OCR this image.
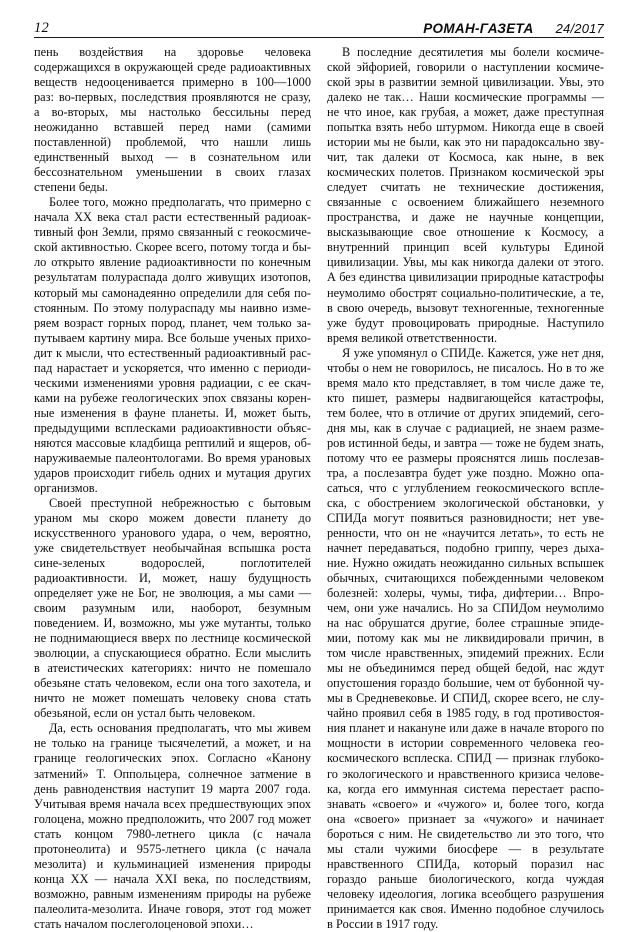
12	РОМАН-ГАЗЕТА 24/2017

пень воздействия на здоровье человека содержащихся в окружающей среде радиоактивных веществ недооценивается примерно в 100—1000 раз: во-первых, последствия проявляются не сразу, а во-вторых, мы настолько бессильны перед неожиданно вставшей перед нами (самими поставленной) проблемой, что нашли лишь единственный выход — в сознательном или бессознательном уменьшении в своих глазах степени беды.

Более того, можно предполагать, что примерно с начала XX века стал расти естественный радиоактивный фон Земли, прямо связанный с геокосмической активностью. Скорее всего, потому тогда и было открыто явление радиоактивности по конечным результатам полураспада долго живущих изотопов, который мы самонадеянно определили для себя постоянным. По этому полураспаду мы наивно измеряем возраст горных пород, планет, чем только запутываем картину мира. Все больше ученых приходит к мысли, что естественный радиоактивный распад нарастает и ускоряется, что именно с периодическими изменениями уровня радиации, с ее скачками на рубеже геологических эпох связаны коренные изменения в фауне планеты. И, может быть, предыдущими всплесками радиоактивности объясняются массовые кладбища рептилий и ящеров, обнаруживаемые палеонтологами. Во время урановых ударов происходит гибель одних и мутация других организмов.

Своей преступной небрежностью с бытовым ураном мы скоро можем довести планету до искусственного уранового удара, о чем, вероятно, уже свидетельствует необычайная вспышка роста сине-зеленых водорослей, поглотителей радиоактивности. И, может, нашу будущность определяет уже не Бог, не эволюция, а мы сами — своим разумным или, наоборот, безумным поведением. И, возможно, мы уже мутанты, только не поднимающиеся вверх по лестнице космической эволюции, а спускающиеся обратно. Если мыслить в атеистических категориях: ничто не помешало обезьяне стать человеком, если она того захотела, и ничто не может помешать человеку снова стать обезьяной, если он устал быть человеком.

Да, есть основания предполагать, что мы живем не только на границе тысячелетий, а может, и на границе геологических эпох. Согласно «Канону затмений» Т. Оппольцера, солнечное затмение в день равноденствия наступит 19 марта 2007 года. Учитывая время начала всех предшествующих эпох голоцена, можно предположить, что 2007 год может стать концом 7980-летнего цикла (с начала протонеолита) и 9575-летнего цикла (с начала мезолита) и кульминацией изменения природы конца XX — начала XXI века, по последствиям, возможно, равным изменениям природы на рубеже палеолита-мезолита. Иначе говоря, этот год может стать началом послеголоценовой эпохи…

В последние десятилетия мы болели космической эйфорией, говорили о наступлении космической эры в развитии земной цивилизации. Увы, это далеко не так… Наши космические программы — не что иное, как грубая, а может, даже преступная попытка взять небо штурмом. Никогда еще в своей истории мы не были, как это ни парадоксально звучит, так далеки от Космоса, как ныне, в век космических полетов. Признаком космической эры следует считать не технические достижения, связанные с освоением ближайшего неземного пространства, и даже не научные концепции, высказывающие свое отношение к Космосу, а внутренний принцип всей культуры Единой цивилизации. Увы, мы как никогда далеки от этого. А без единства цивилизации природные катастрофы неумолимо обострят социально-политические, а те, в свою очередь, вызовут техногенные, техногенные уже будут провоцировать природные. Наступило время великой ответственности.

Я уже упомянул о СПИДе. Кажется, уже нет дня, чтобы о нем не говорилось, не писалось. Но в то же время мало кто представляет, в том числе даже те, кто пишет, размеры надвигающейся катастрофы, тем более, что в отличие от других эпидемий, сегодня мы, как в случае с радиацией, не знаем размеров истинной беды, и завтра — тоже не будем знать, потому что ее размеры прояснятся лишь послезавтра, а послезавтра будет уже поздно. Можно опасаться, что с углублением геокосмического всплеска, с обострением экологической обстановки, у СПИДа могут появиться разновидности; нет уверенности, что он не «научится летать», то есть не начнет передаваться, подобно гриппу, через дыхание. Нужно ожидать неожиданно сильных вспышек обычных, считающихся побежденными человеком болезней: холеры, чумы, тифа, дифтерии… Впрочем, они уже начались. Но за СПИДом неумолимо на нас обрушатся другие, более страшные эпидемии, потому как мы не ликвидировали причин, в том числе нравственных, эпидемий прежних. Если мы не объединимся перед общей бедой, нас ждут опустошения гораздо большие, чем от бубонной чумы в Средневековье. И СПИД, скорее всего, не случайно проявил себя в 1985 году, в год противостояния планет и накануне или даже в начале второго по мощности в истории современного человека геокосмического всплеска. СПИД — признак глубокого экологического и нравственного кризиса человека, когда его иммунная система перестает распознавать «своего» и «чужого» и, более того, когда она «своего» признает за «чужого» и начинает бороться с ним. Не свидетельство ли это того, что мы стали чужими биосфере — в результате нравственного СПИДа, который поразил нас гораздо раньше биологического, когда чуждая человеку идеология, логика всеобщего разрушения принимается как своя. Именно подобное случилось в России в 1917 году.
